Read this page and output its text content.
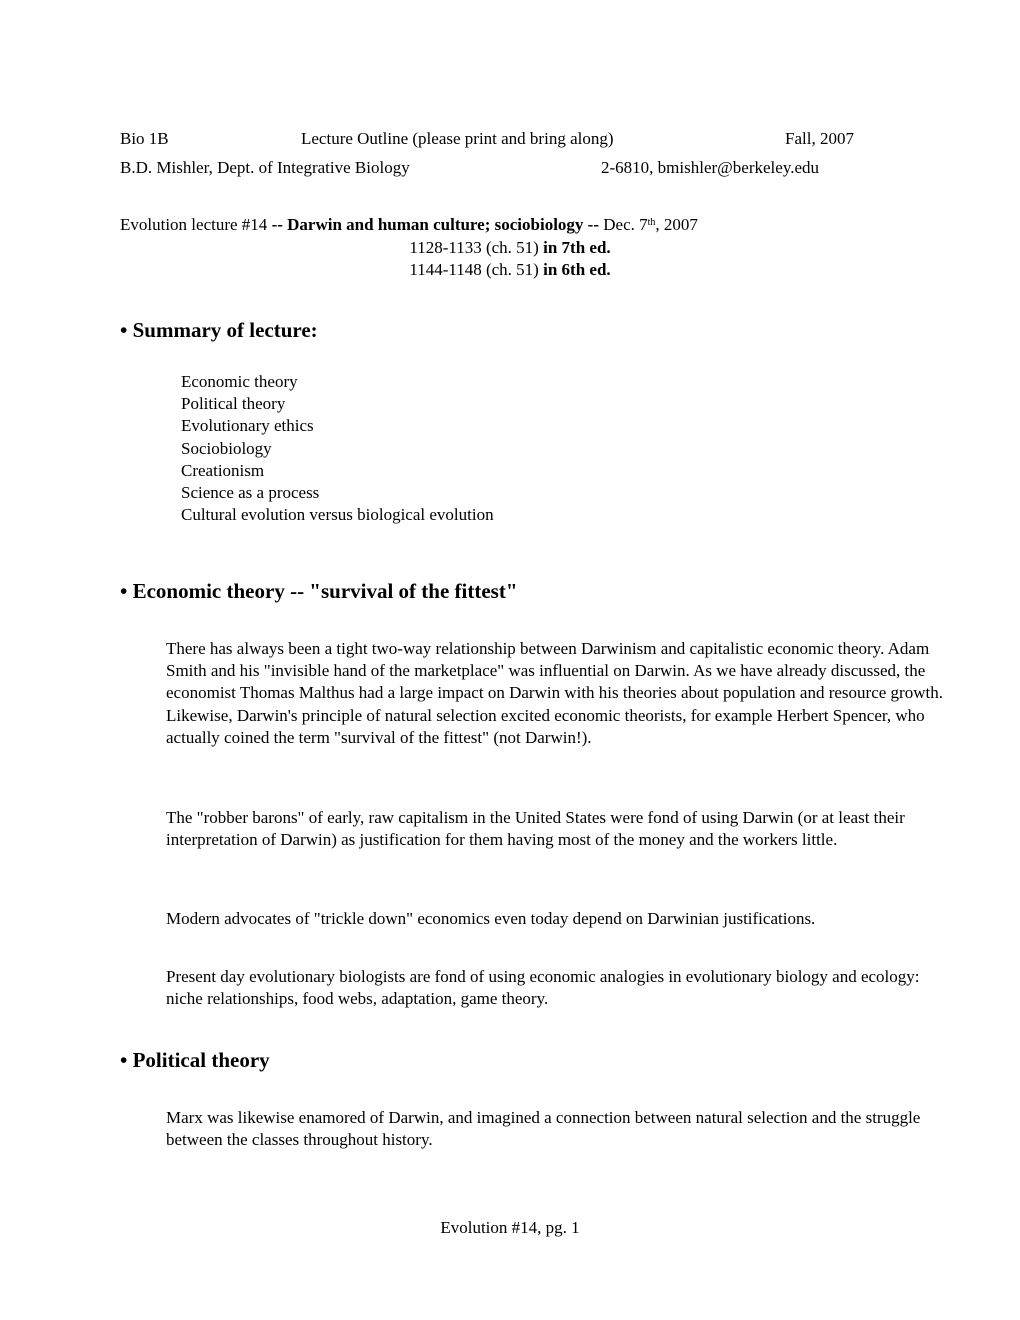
Bio 1B	Lecture Outline (please print and bring along)	Fall, 2007
B.D. Mishler, Dept. of Integrative Biology	2-6810, bmishler@berkeley.edu
Evolution lecture #14 -- Darwin and human culture; sociobiology -- Dec. 7th, 2007
1128-1133 (ch. 51) in 7th ed.
1144-1148 (ch. 51) in 6th ed.
• Summary of lecture:
Economic theory
Political theory
Evolutionary ethics
Sociobiology
Creationism
Science as a process
Cultural evolution versus biological evolution
• Economic theory -- "survival of the fittest"

There has always been a tight two-way relationship between Darwinism and capitalistic economic theory. Adam Smith and his "invisible hand of the marketplace" was influential on Darwin. As we have already discussed, the economist Thomas Malthus had a large impact on Darwin with his theories about population and resource growth. Likewise, Darwin's principle of natural selection excited economic theorists, for example Herbert Spencer, who actually coined the term "survival of the fittest" (not Darwin!).

The "robber barons" of early, raw capitalism in the United States were fond of using Darwin (or at least their interpretation of Darwin) as justification for them having most of the money and the workers little.

Modern advocates of "trickle down" economics even today depend on Darwinian justifications.

Present day evolutionary biologists are fond of using economic analogies in evolutionary biology and ecology: niche relationships, food webs, adaptation, game theory.

• Political theory

Marx was likewise enamored of Darwin, and imagined a connection between natural selection and the struggle between the classes throughout history.

Evolution #14, pg. 1
